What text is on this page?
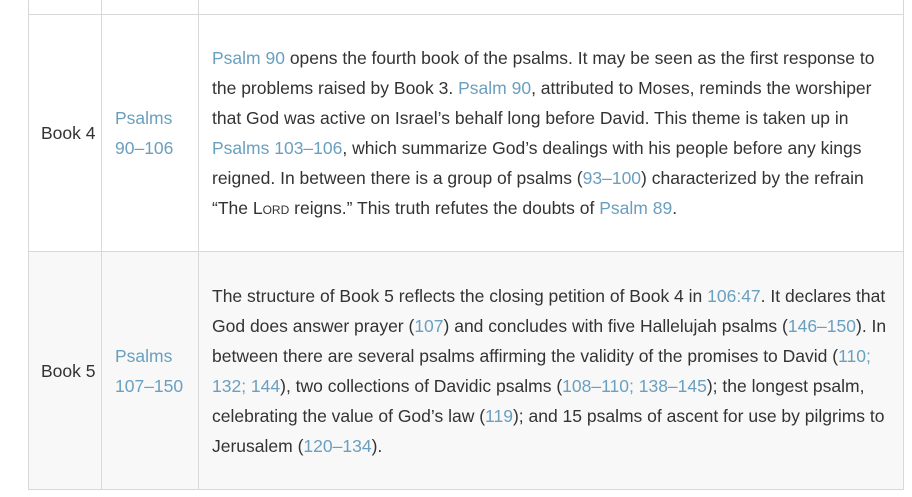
Book 4	Psalms 90–106	Psalm 90 opens the fourth book of the psalms. It may be seen as the first response to the problems raised by Book 3. Psalm 90, attributed to Moses, reminds the worshiper that God was active on Israel’s behalf long before David. This theme is taken up in Psalms 103–106, which summarize God’s dealings with his people before any kings reigned. In between there is a group of psalms (93–100) characterized by the refrain “The Lord reigns.” This truth refutes the doubts of Psalm 89.
Book 5	Psalms 107–150	The structure of Book 5 reflects the closing petition of Book 4 in 106:47. It declares that God does answer prayer (107) and concludes with five Hallelujah psalms (146–150). In between there are several psalms affirming the validity of the promises to David (110; 132; 144), two collections of Davidic psalms (108–110; 138–145); the longest psalm, celebrating the value of God’s law (119); and 15 psalms of ascent for use by pilgrims to Jerusalem (120–134).
